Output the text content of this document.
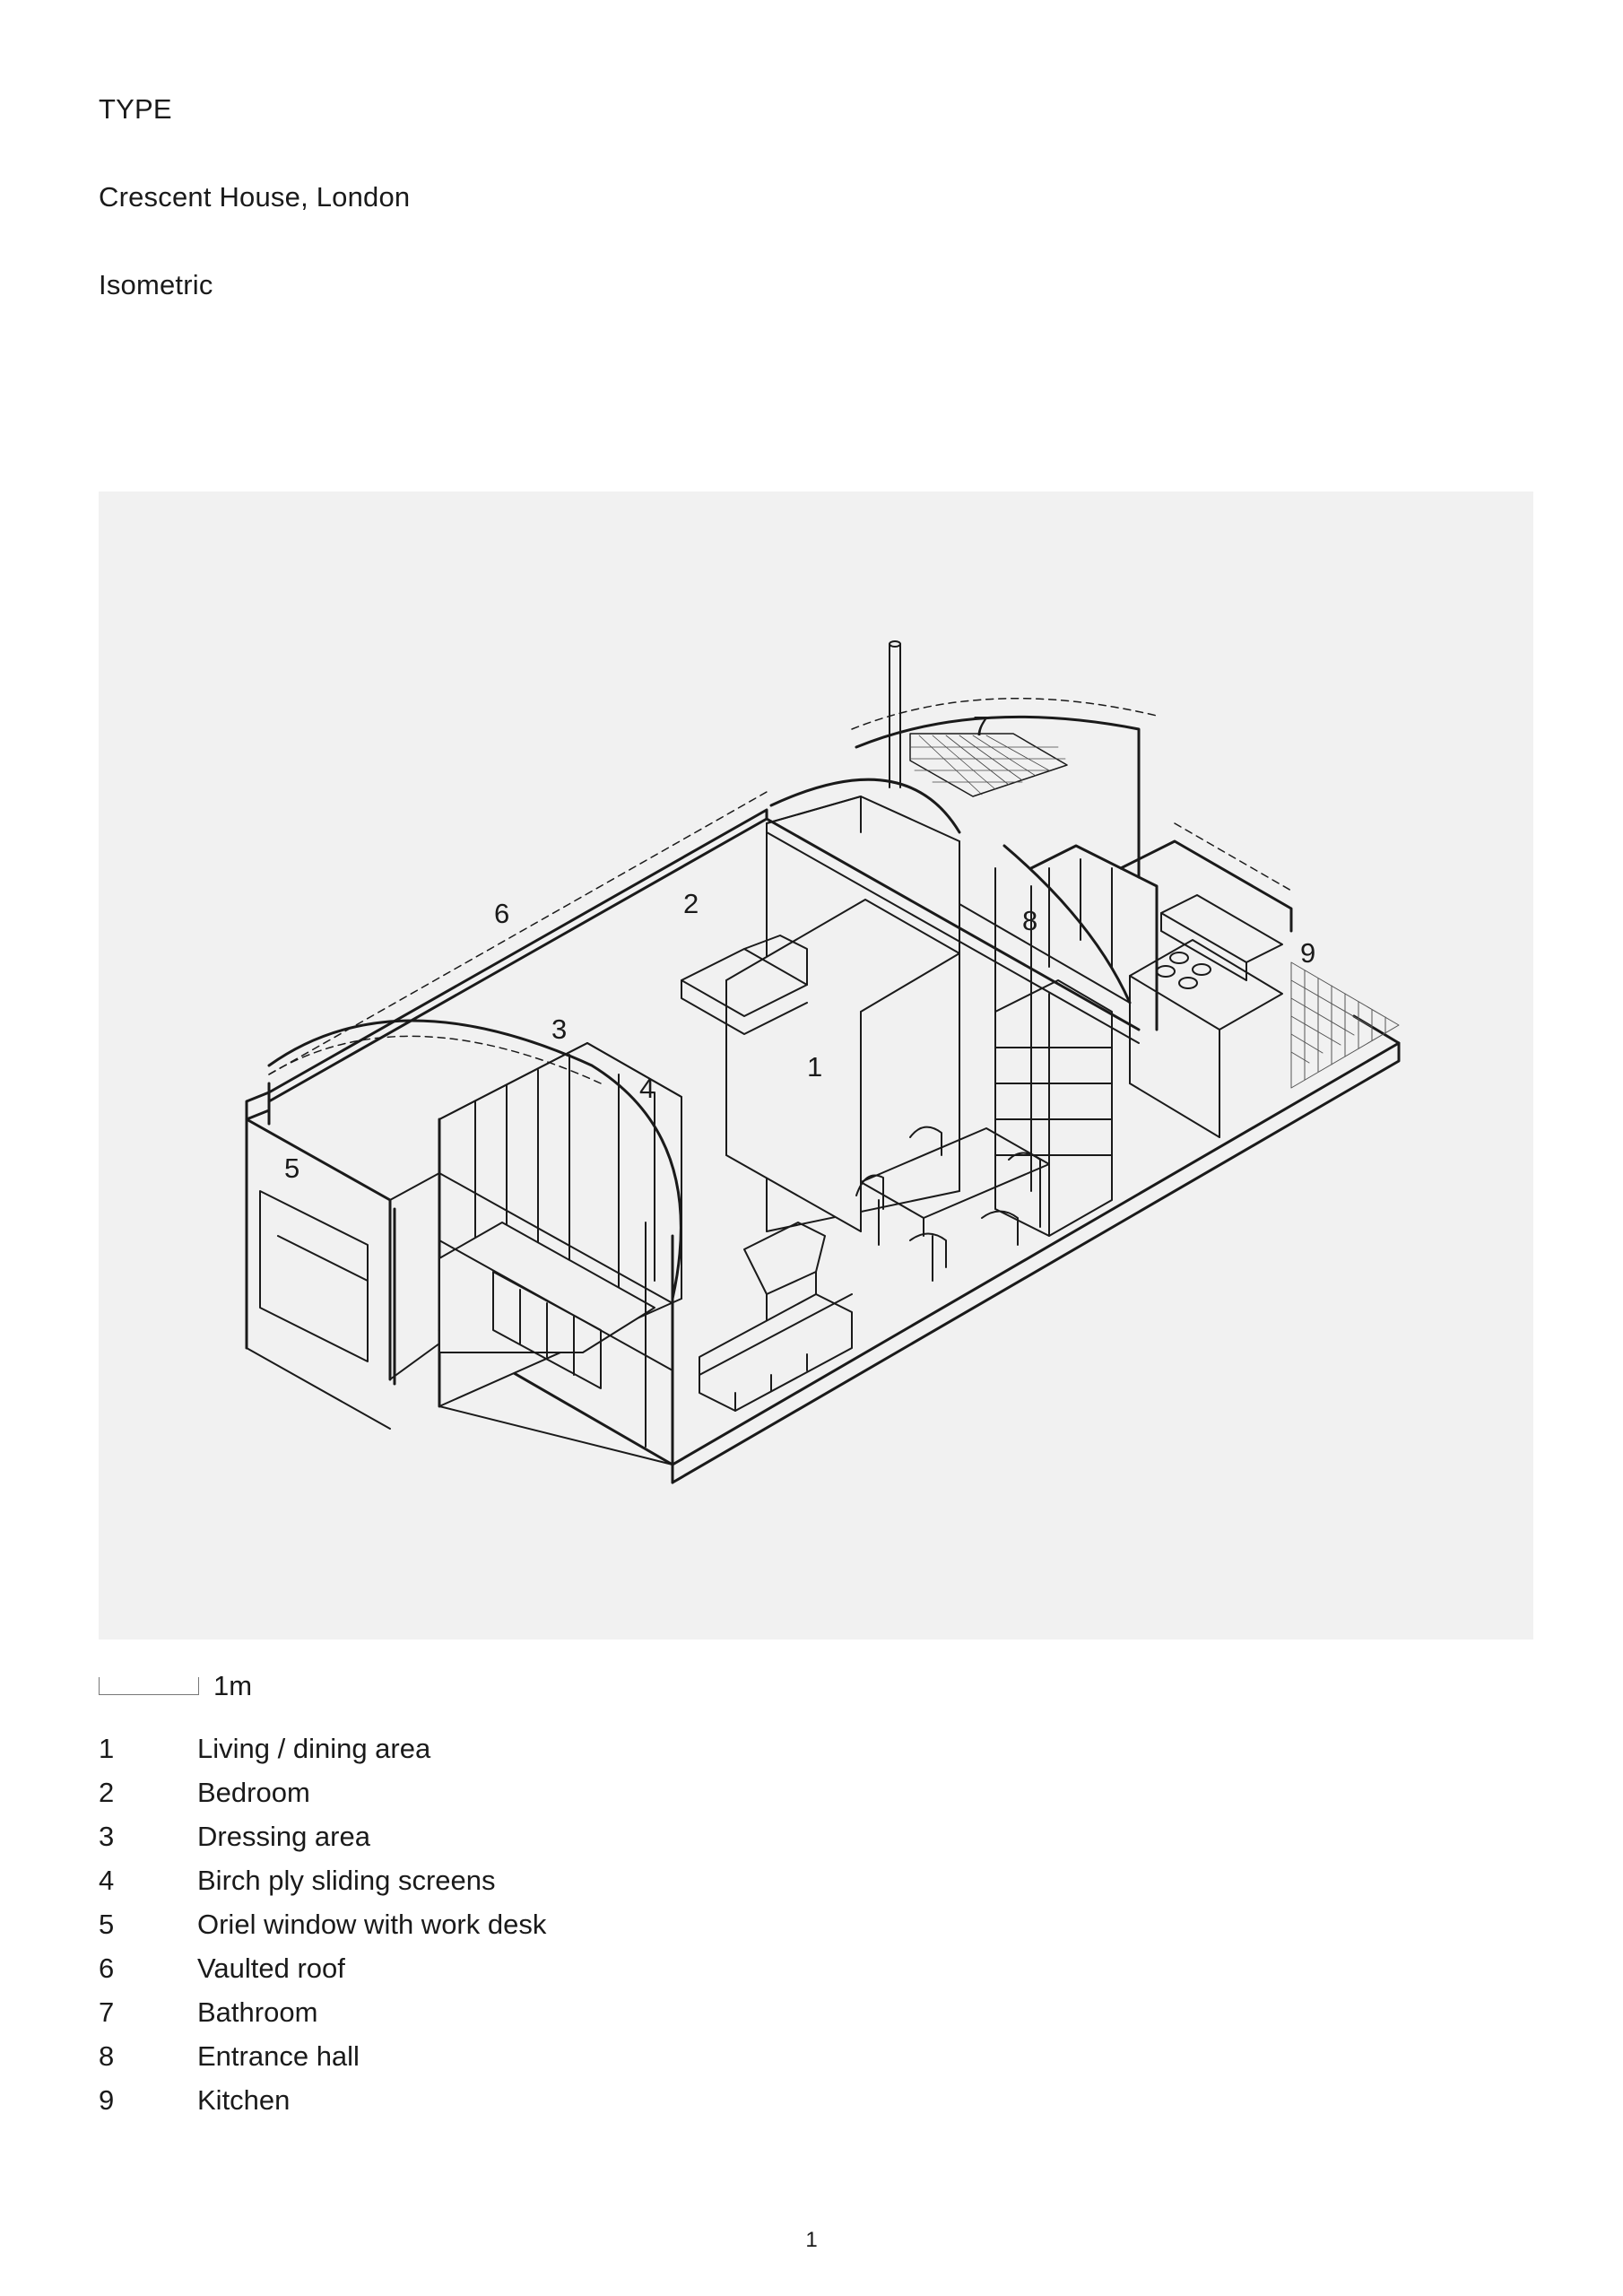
TYPE
Crescent House, London
Isometric
1
2
3
4
5
6
7
8
9
1m
1	Living / dining area
2	Bedroom
3	Dressing area
4	Birch ply sliding screens
5	Oriel window with work desk
6	Vaulted roof
7	Bathroom
8	Entrance hall
9	Kitchen
1
